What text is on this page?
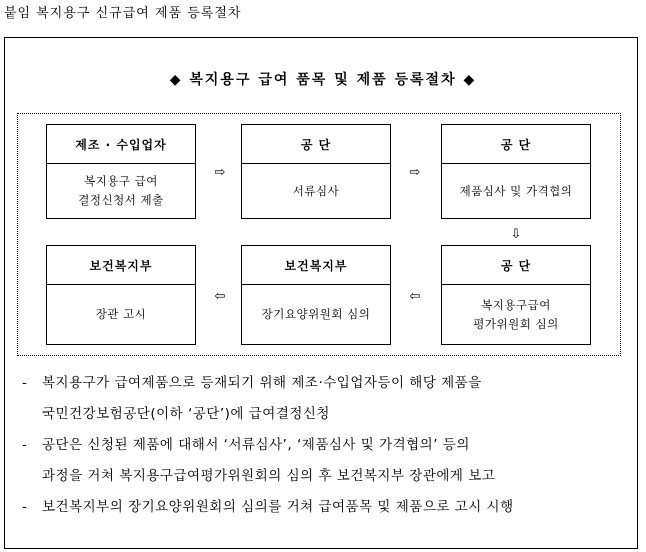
붙임 복지용구 신규급여 제품 등록절차
◆ 복지용구 급여 품목 및 제품 등록절차 ◆
제조 · 수입업자
복지용구 급여
결정신청서 제출
⇨
공 단
서류심사
⇨
공 단
제품심사 및 가격협의
⇩
보건복지부
장관 고시
⇦
보건복지부
장기요양위원회 심의
⇦
공 단
복지용구급여
평가위원회 심의
- 복지용구가 급여제품으로 등재되기 위해 제조·수입업자등이 해당 제품을
국민건강보험공단(이하 ‘공단’)에 급여결정신청
- 공단은 신청된 제품에 대해서 ‘서류심사’, ‘제품심사 및 가격협의’ 등의
과정을 거쳐 복지용구급여평가위원회의 심의 후 보건복지부 장관에게 보고
- 보건복지부의 장기요양위원회의 심의를 거쳐 급여품목 및 제품으로 고시 시행
